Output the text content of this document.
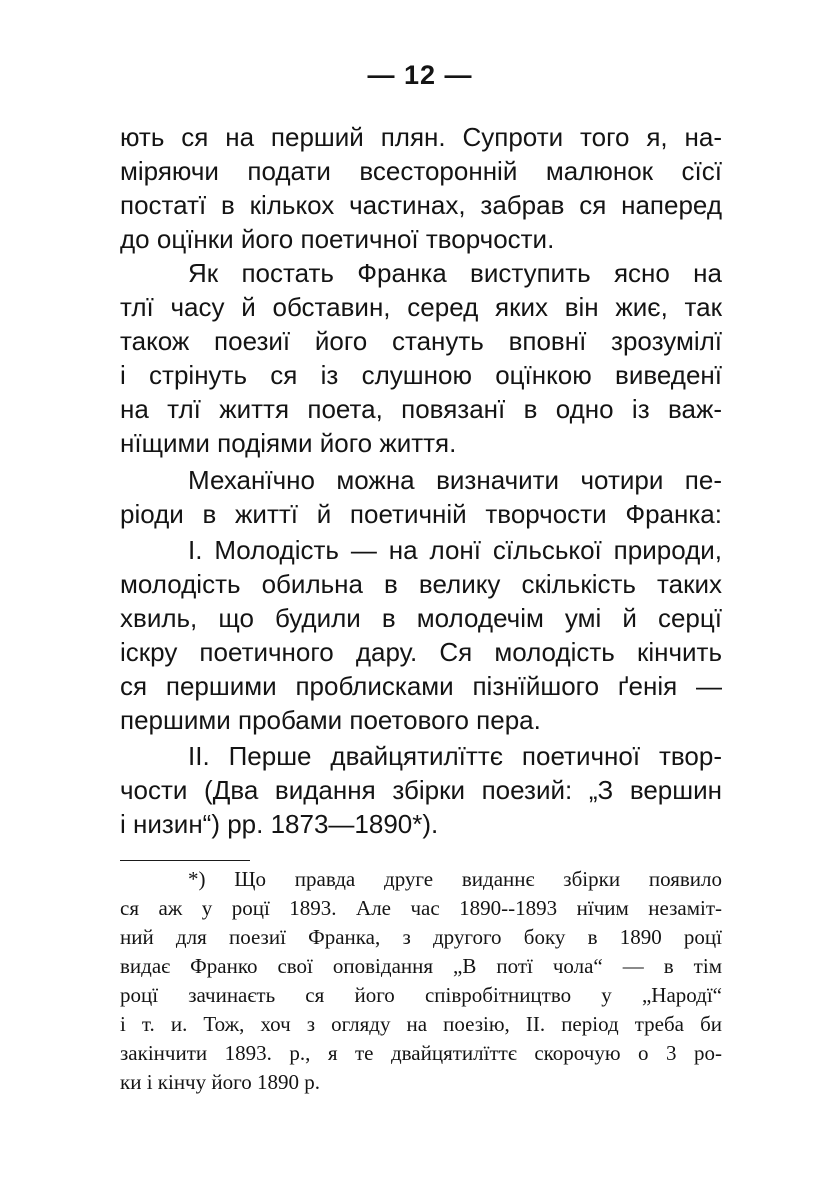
— 12 —
ють ся на перший плян. Супроти того я, на-
міряючи подати всесторонній малюнок сїсї
постатї в кількох частинах, забрав ся наперед
до оцїнки його поетичної творчости.
Як постать Франка виступить ясно на
тлї часу й обставин, серед яких він жиє, так
також поезиї його стануть вповнї зрозумілї
і стрінуть ся із слушною оцїнкою виведенї
на тлї життя поета, повязанї в одно із важ-
нїщими подіями його життя.
Механїчно можна визначити чотири пе-
ріоди в життї й поетичній творчости Франка:
I. Молодість — на лонї сїльської природи,
молодість обильна в велику скількість таких
хвиль, що будили в молодечім умі й серцї
іскру поетичного дару. Ся молодість кінчить
ся першими проблисками пізнїйшого ґенія —
першими пробами поетового пера.
II. Перше двайцятилїттє поетичної твор-
чости (Два видання збірки поезий: „З вершин
і низин“) рр. 1873—1890*).
*) Що правда друге виданнє збірки появило
ся аж у роцї 1893. Але час 1890--1893 нїчим незаміт-
ний для поезиї Франка, з другого боку в 1890 роцї
видає Франко свої оповідання „В потї чола“ — в тім
роцї зачинаєть ся його співробітництво у „Народї“
і т. и. Тож, хоч з огляду на поезію, II. період треба би
закінчити 1893. р., я те двайцятилїттє скорочую о 3 ро-
ки і кінчу його 1890 р.
